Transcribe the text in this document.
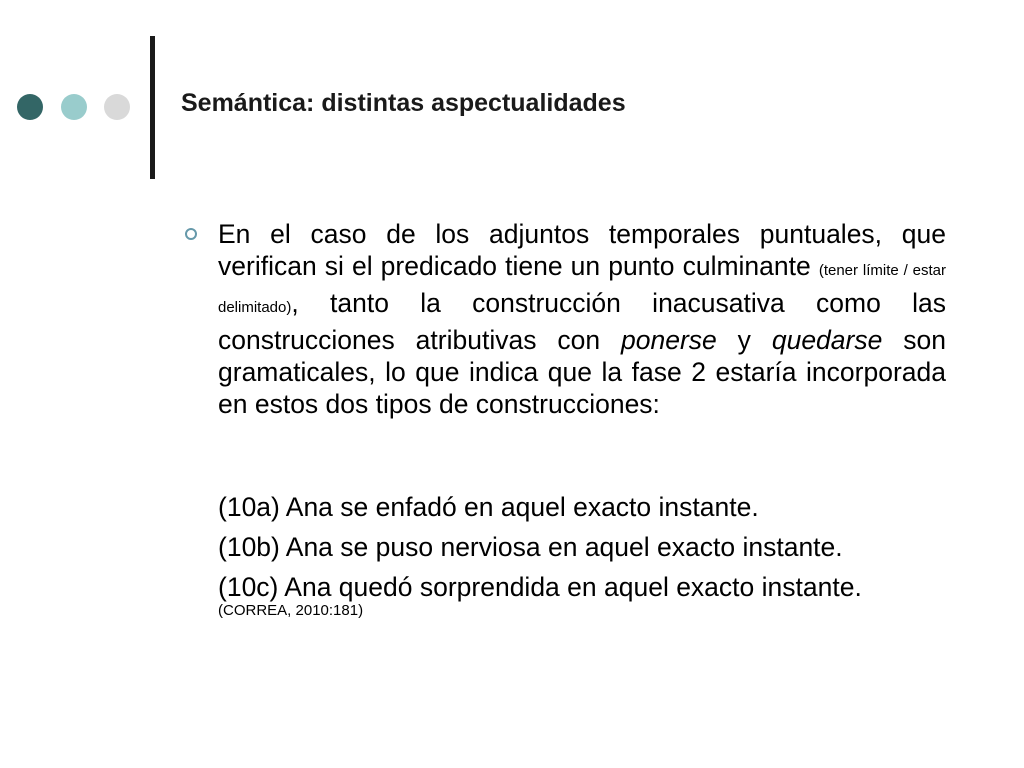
Semántica: distintas aspectualidades

En el caso de los adjuntos temporales puntuales, que verifican si el predicado tiene un punto culminante (tener límite / estar delimitado), tanto la construcción inacusativa como las construcciones atributivas con ponerse y quedarse son gramaticales, lo que indica que la fase 2 estaría incorporada en estos dos tipos de construcciones:

(10a) Ana se enfadó en aquel exacto instante.

(10b) Ana se puso nerviosa en aquel exacto instante.

(10c) Ana quedó sorprendida en aquel exacto instante.

(CORREA, 2010:181)
